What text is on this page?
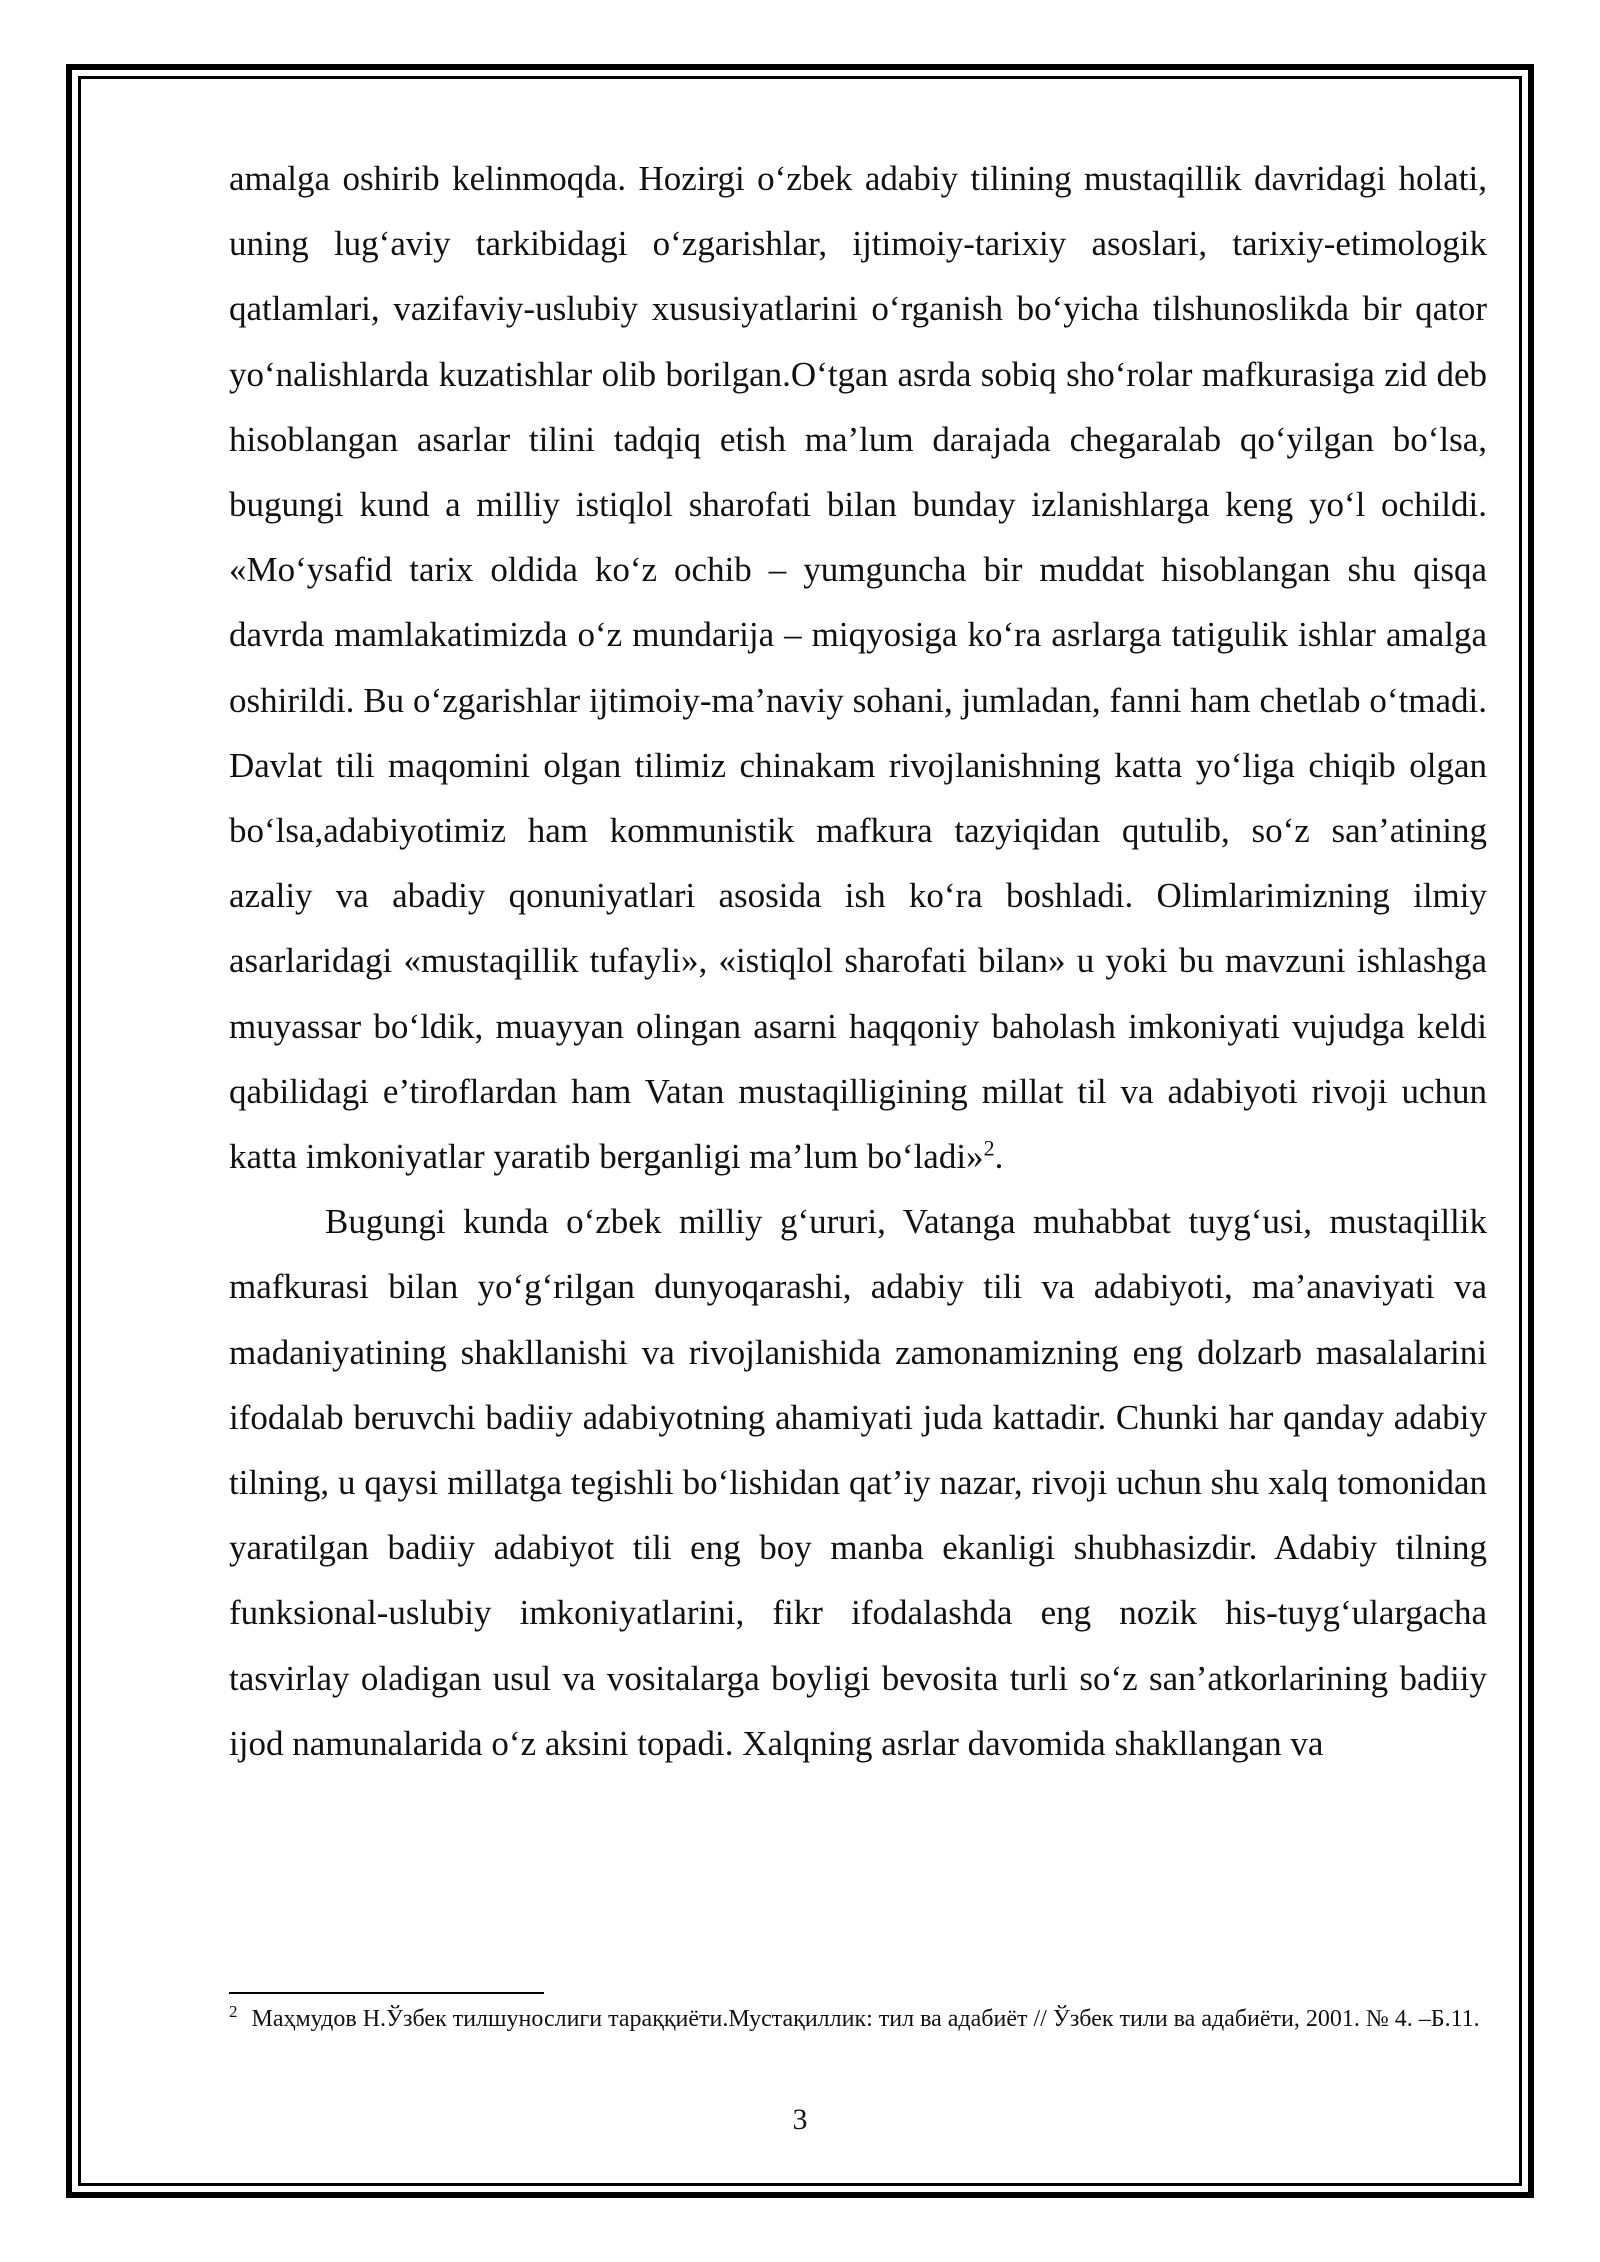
amalga oshirib kelinmoqda. Hozirgi o‘zbek adabiy tilining mustaqillik davridagi holati, uning lug‘aviy tarkibidagi o‘zgarishlar, ijtimoiy-tarixiy asoslari, tarixiy-etimologik qatlamlari, vazifaviy-uslubiy xususiyatlarini o‘rganish bo‘yicha tilshunoslikda bir qator yo‘nalishlarda kuzatishlar olib borilgan.O‘tgan asrda sobiq sho‘rolar mafkurasiga zid deb hisoblangan asarlar tilini tadqiq etish ma’lum darajada chegaralab qo‘yilgan bo‘lsa, bugungi kund a milliy istiqlol sharofati bilan bunday izlanishlarga keng yo‘l ochildi. «Mo‘ysafid tarix oldida ko‘z ochib – yumguncha bir muddat hisoblangan shu qisqa davrda mamlakatimizda o‘z mundarija – miqyosiga ko‘ra asrlarga tatigulik ishlar amalga oshirildi. Bu o‘zgarishlar ijtimoiy-ma’naviy sohani, jumladan, fanni ham chetlab o‘tmadi. Davlat tili maqomini olgan tilimiz chinakam rivojlanishning katta yo‘liga chiqib olgan bo‘lsa,adabiyotimiz ham kommunistik mafkura tazyiqidan qutulib, so‘z san’atining azaliy va abadiy qonuniyatlari asosida ish ko‘ra boshladi. Olimlarimizning ilmiy asarlaridagi «mustaqillik tufayli», «istiqlol sharofati bilan» u yoki bu mavzuni ishlashga muyassar bo‘ldik, muayyan olingan asarni haqqoniy baholash imkoniyati vujudga keldi qabilidagi e’tiroflardan ham Vatan mustaqilligining millat til va adabiyoti rivoji uchun katta imkoniyatlar yaratib berganligi ma’lum bo‘ladi»$^2$.

Bugungi kunda o‘zbek milliy g‘ururi, Vatanga muhabbat tuyg‘usi, mustaqillik mafkurasi bilan yo‘g‘rilgan dunyoqarashi, adabiy tili va adabiyoti, ma’anaviyati va madaniyatining shakllanishi va rivojlanishida zamonamizning eng dolzarb masalalarini ifodalab beruvchi badiiy adabiyotning ahamiyati juda kattadir. Chunki har qanday adabiy tilning, u qaysi millatga tegishli bo‘lishidan qat’iy nazar, rivoji uchun shu xalq tomonidan yaratilgan badiiy adabiyot tili eng boy manba ekanligi shubhasizdir. Adabiy tilning funksional-uslubiy imkoniyatlarini, fikr ifodalashda eng nozik his-tuyg‘ulargacha tasvirlay oladigan usul va vositalarga boyligi bevosita turli so‘z san’atkorlarining badiiy ijod namunalarida o‘z aksini topadi. Xalqning asrlar davomida shakllangan va

$^2$ Маҳмудов Н.Ўзбек тилшунослиги тараққиёти.Мустақиллик: тил ва адабиёт // Ўзбек тили ва адабиёти, 2001. № 4. –Б.11.

3
